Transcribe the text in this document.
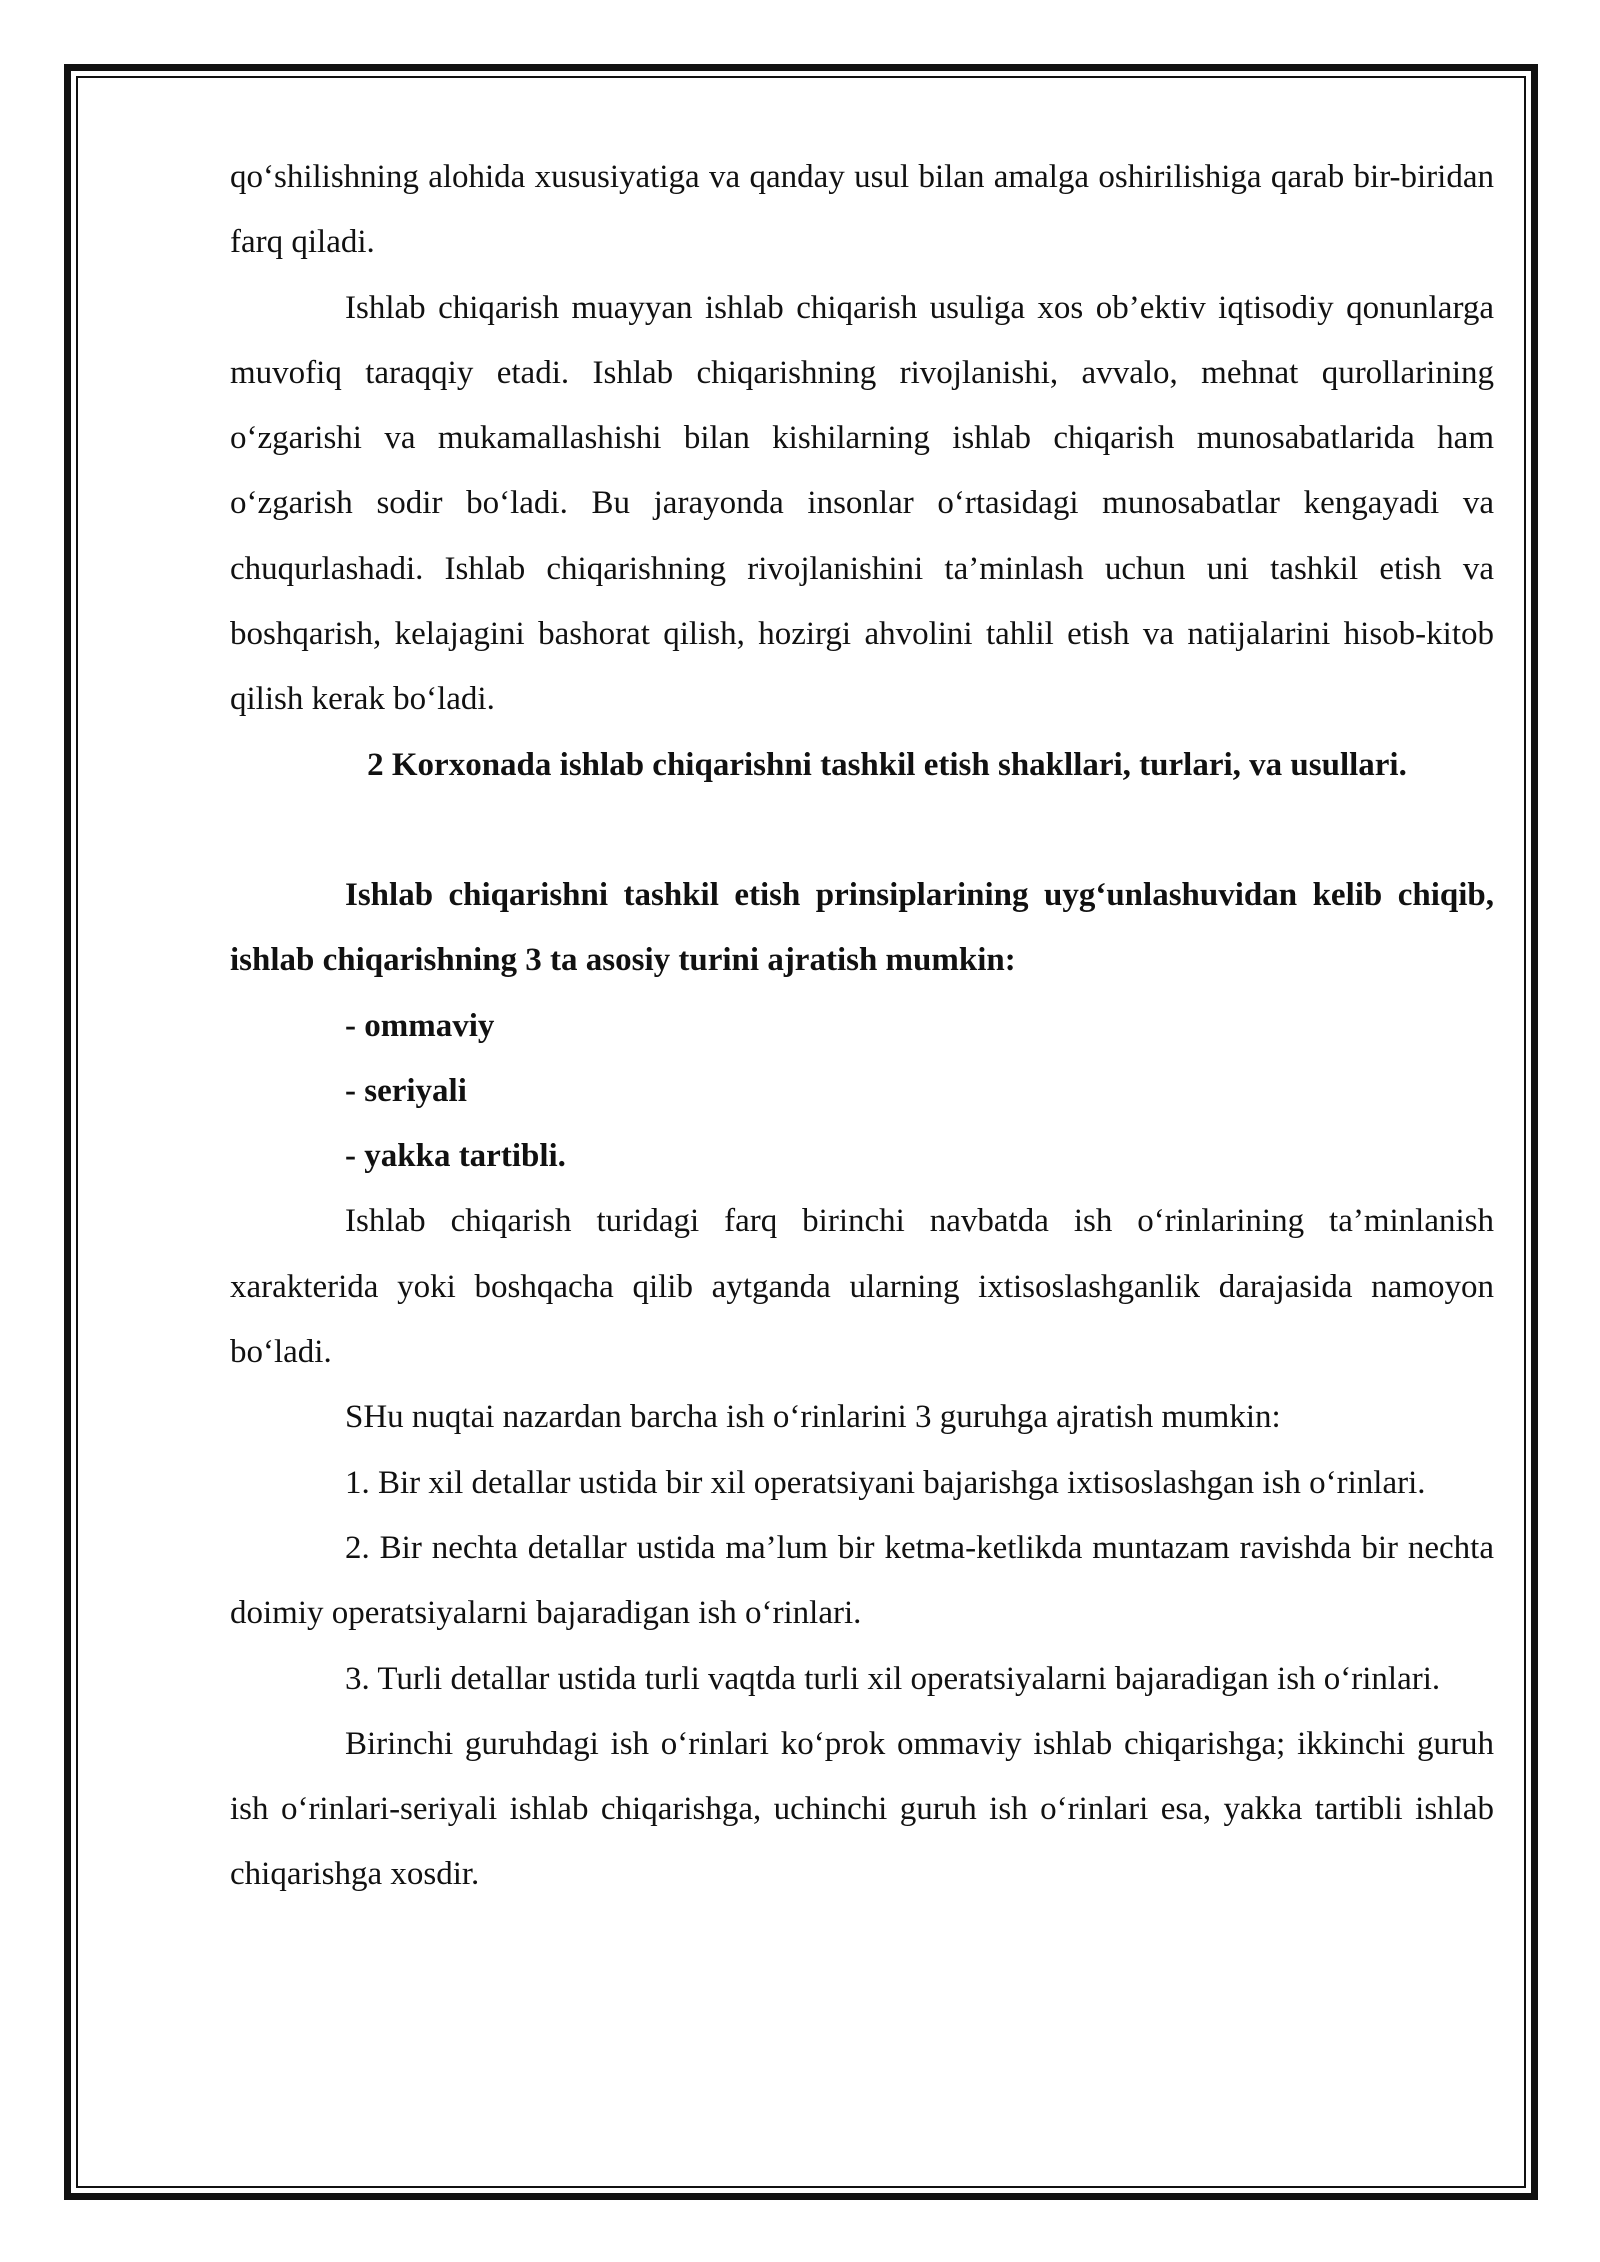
qo‘shilishning alohida xususiyatiga va qanday usul bilan amalga oshirilishiga qarab bir-biridan farq qiladi.

Ishlab chiqarish muayyan ishlab chiqarish usuliga xos ob’ektiv iqtisodiy qonunlarga muvofiq taraqqiy etadi. Ishlab chiqarishning rivojlanishi, avvalo, mehnat qurollarining o‘zgarishi va mukamallashishi bilan kishilarning ishlab chiqarish munosabatlarida ham o‘zgarish sodir bo‘ladi. Bu jarayonda insonlar o‘rtasidagi munosabatlar kengayadi va chuqurlashadi. Ishlab chiqarishning rivojlanishini ta’minlash uchun uni tashkil etish va boshqarish, kelajagini bashorat qilish, hozirgi ahvolini tahlil etish va natijalarini hisob-kitob qilish kerak bo‘ladi.

2 Korxonada ishlab chiqarishni tashkil etish shakllari, turlari, va usullari.

Ishlab chiqarishni tashkil etish prinsiplarining uyg‘unlashuvidan kelib chiqib, ishlab chiqarishning 3 ta asosiy turini ajratish mumkin:

- ommaviy

- seriyali

- yakka tartibli.

Ishlab chiqarish turidagi farq birinchi navbatda ish o‘rinlarining ta’minlanish xarakterida yoki boshqacha qilib aytganda ularning ixtisoslashganlik darajasida namoyon bo‘ladi.

SHu nuqtai nazardan barcha ish o‘rinlarini 3 guruhga ajratish mumkin:

1. Bir xil detallar ustida bir xil operatsiyani bajarishga ixtisoslashgan ish o‘rinlari.

2. Bir nechta detallar ustida ma’lum bir ketma-ketlikda muntazam ravishda bir nechta doimiy operatsiyalarni bajaradigan ish o‘rinlari.

3. Turli detallar ustida turli vaqtda turli xil operatsiyalarni bajaradigan ish o‘rinlari.

Birinchi guruhdagi ish o‘rinlari ko‘prok ommaviy ishlab chiqarishga; ikkinchi guruh ish o‘rinlari-seriyali ishlab chiqarishga, uchinchi guruh ish o‘rinlari esa, yakka tartibli ishlab chiqarishga xosdir.
